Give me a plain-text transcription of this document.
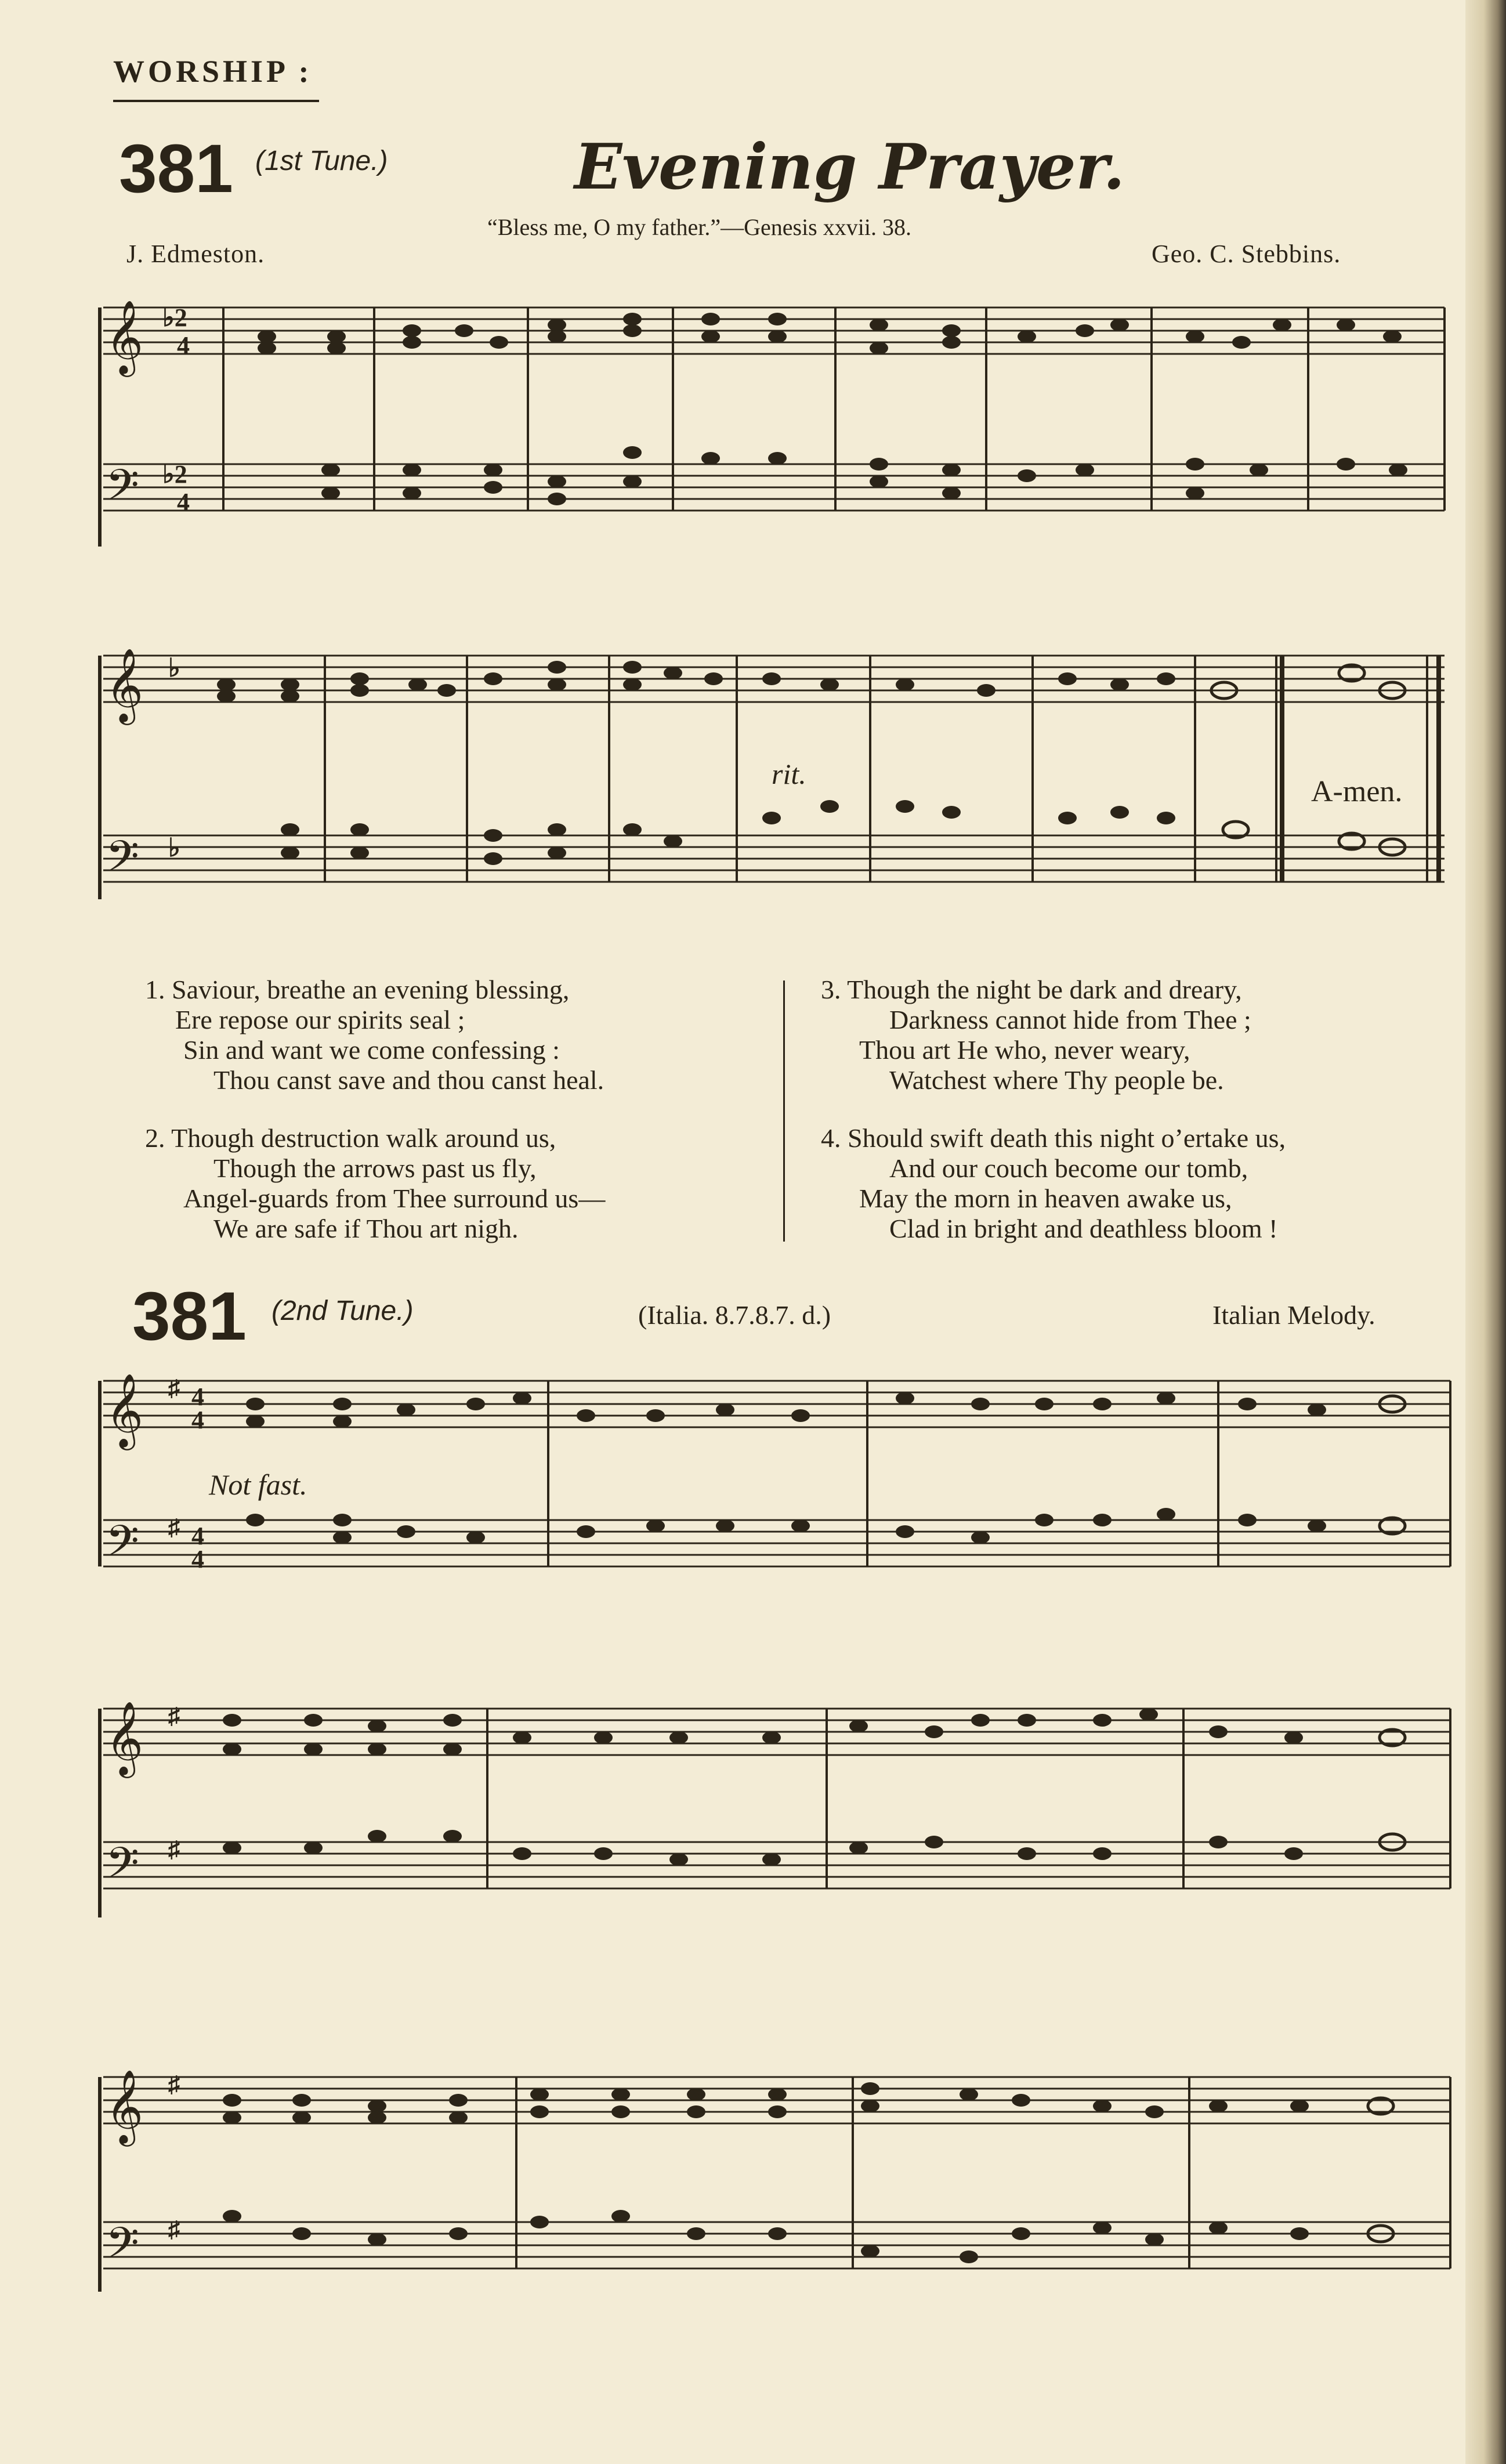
WORSHIP :
381 (1st Tune.)	Evening Prayer.
“Bless me, O my father.”—Genesis xxvii. 38.
J. Edmeston.	Geo. C. Stebbins.
𝄞
𝄢
♭2
4
♭2
4
𝄞
𝄢
♭
♭
rit.
A-men.
1. Saviour, breathe an evening blessing,
Ere repose our spirits seal ;
Sin and want we come confessing :
Thou canst save and thou canst heal.
2. Though destruction walk around us,
Though the arrows past us fly,
Angel-guards from Thee surround us—
We are safe if Thou art nigh.
3. Though the night be dark and dreary,
Darkness cannot hide from Thee ;
Thou art He who, never weary,
Watchest where Thy people be.
4. Should swift death this night o’ertake us,
And our couch become our tomb,
May the morn in heaven awake us,
Clad in bright and deathless bloom !
381 (2nd Tune.)	(Italia. 8.7.8.7. d.)	Italian Melody.
𝄞
𝄢
♯ 4
4
♯ 4
4
Not fast.
𝄞
𝄢
♯
♯
𝄞
𝄢
♯
♯
